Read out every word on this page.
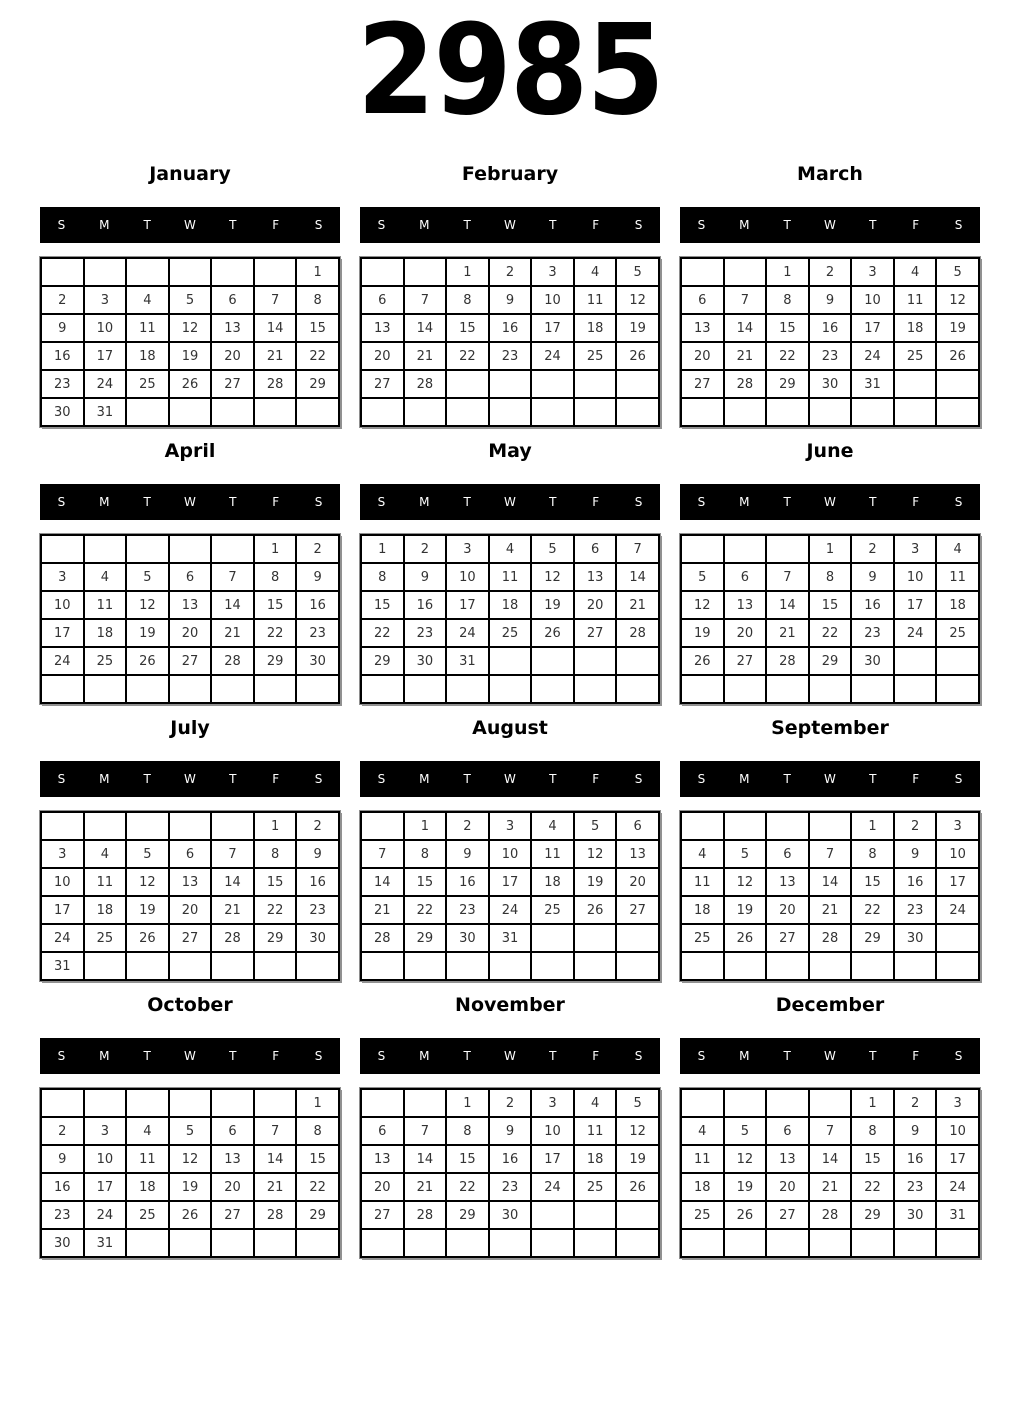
2985
January
S	M	T	W	T	F	S
						1
2	3	4	5	6	7	8
9	10	11	12	13	14	15
16	17	18	19	20	21	22
23	24	25	26	27	28	29
30	31					
February
S	M	T	W	T	F	S
		1	2	3	4	5
6	7	8	9	10	11	12
13	14	15	16	17	18	19
20	21	22	23	24	25	26
27	28					

March
S	M	T	W	T	F	S
		1	2	3	4	5
6	7	8	9	10	11	12
13	14	15	16	17	18	19
20	21	22	23	24	25	26
27	28	29	30	31		

April
S	M	T	W	T	F	S
					1	2
3	4	5	6	7	8	9
10	11	12	13	14	15	16
17	18	19	20	21	22	23
24	25	26	27	28	29	30

May
S	M	T	W	T	F	S
1	2	3	4	5	6	7
8	9	10	11	12	13	14
15	16	17	18	19	20	21
22	23	24	25	26	27	28
29	30	31				

June
S	M	T	W	T	F	S
			1	2	3	4
5	6	7	8	9	10	11
12	13	14	15	16	17	18
19	20	21	22	23	24	25
26	27	28	29	30		

July
S	M	T	W	T	F	S
					1	2
3	4	5	6	7	8	9
10	11	12	13	14	15	16
17	18	19	20	21	22	23
24	25	26	27	28	29	30
31						
August
S	M	T	W	T	F	S
	1	2	3	4	5	6
7	8	9	10	11	12	13
14	15	16	17	18	19	20
21	22	23	24	25	26	27
28	29	30	31			

September
S	M	T	W	T	F	S
				1	2	3
4	5	6	7	8	9	10
11	12	13	14	15	16	17
18	19	20	21	22	23	24
25	26	27	28	29	30	

October
S	M	T	W	T	F	S
						1
2	3	4	5	6	7	8
9	10	11	12	13	14	15
16	17	18	19	20	21	22
23	24	25	26	27	28	29
30	31					
November
S	M	T	W	T	F	S
		1	2	3	4	5
6	7	8	9	10	11	12
13	14	15	16	17	18	19
20	21	22	23	24	25	26
27	28	29	30			

December
S	M	T	W	T	F	S
				1	2	3
4	5	6	7	8	9	10
11	12	13	14	15	16	17
18	19	20	21	22	23	24
25	26	27	28	29	30	31
